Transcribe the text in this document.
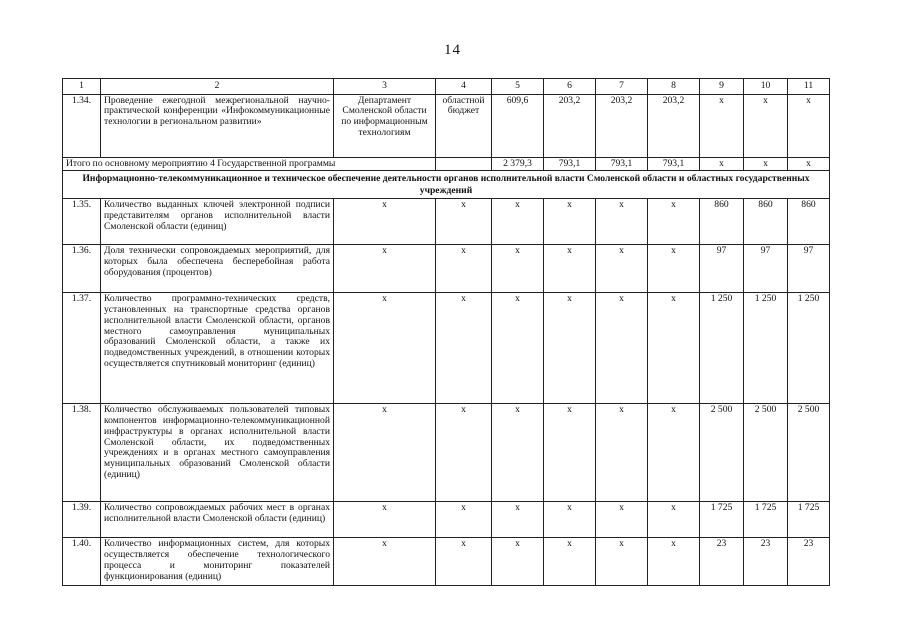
14
1	2	3	4	5	6	7	8	9	10	11
1.34.	Проведение ежегодной межрегиональной научно-практической конференции «Инфокоммуникационные технологии в региональном развитии»	Департамент Смоленской области по информационным технологиям	областной бюджет	609,6	203,2	203,2	203,2	х	х	х
Итого по основному мероприятию 4 Государственной программы				2 379,3	793,1	793,1	793,1	х	х	х
Информационно-телекоммуникационное и техническое обеспечение деятельности органов исполнительной власти Смоленской области и областных государственных учреждений										
1.35.	Количество выданных ключей электронной подписи представителям органов исполнительной власти Смоленской области (единиц)	х	х	х	х	х	х	860	860	860
1.36.	Доля технически сопровождаемых мероприятий, для которых была обеспечена бесперебойная работа оборудования (процентов)	х	х	х	х	х	х	97	97	97
1.37.	Количество программно-технических средств, установленных на транспортные средства органов исполнительной власти Смоленской области, органов местного самоуправления муниципальных образований Смоленской области, а также их подведомственных учреждений, в отношении которых осуществляется спутниковый мониторинг (единиц)	х	х	х	х	х	х	1 250	1 250	1 250
1.38.	Количество обслуживаемых пользователей типовых компонентов информационно-телекоммуникационной инфраструктуры в органах исполнительной власти Смоленской области, их подведомственных учреждениях и в органах местного самоуправления муниципальных образований Смоленской области (единиц)	х	х	х	х	х	х	2 500	2 500	2 500
1.39.	Количество сопровождаемых рабочих мест в органах исполнительной власти Смоленской области (единиц)	х	х	х	х	х	х	1 725	1 725	1 725
1.40.	Количество информационных систем, для которых осуществляется обеспечение технологического процесса и мониторинг показателей функционирования (единиц)	х	х	х	х	х	х	23	23	23
